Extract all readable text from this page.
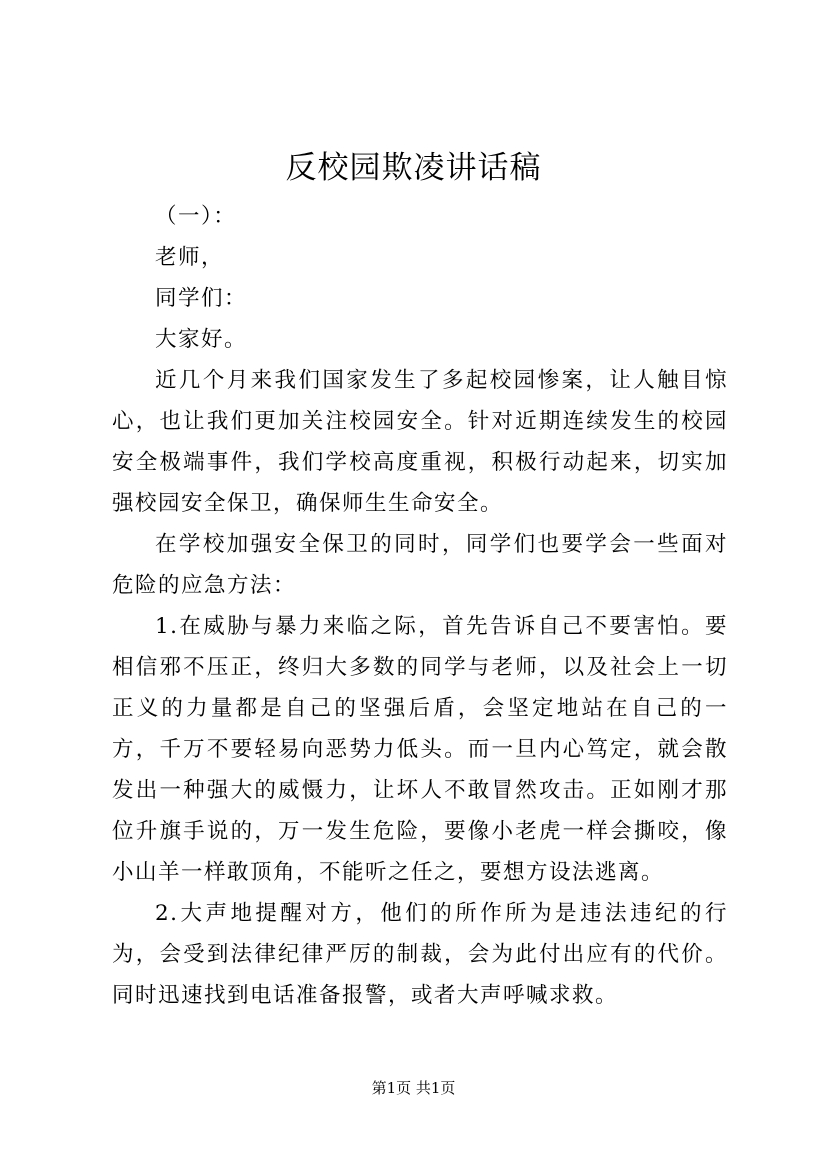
反校园欺凌讲话稿

（一）：

老师，

同学们：

大家好。

近几个月来我们国家发生了多起校园惨案，让人触目惊心，也让我们更加关注校园安全。针对近期连续发生的校园安全极端事件，我们学校高度重视，积极行动起来，切实加强校园安全保卫，确保师生生命安全。

在学校加强安全保卫的同时，同学们也要学会一些面对危险的应急方法：

1.在威胁与暴力来临之际，首先告诉自己不要害怕。要相信邪不压正，终归大多数的同学与老师，以及社会上一切正义的力量都是自己的坚强后盾，会坚定地站在自己的一方，千万不要轻易向恶势力低头。而一旦内心笃定，就会散发出一种强大的威慑力，让坏人不敢冒然攻击。正如刚才那位升旗手说的，万一发生危险，要像小老虎一样会撕咬，像小山羊一样敢顶角，不能听之任之，要想方设法逃离。

2.大声地提醒对方，他们的所作所为是违法违纪的行为，会受到法律纪律严厉的制裁，会为此付出应有的代价。同时迅速找到电话准备报警，或者大声呼喊求救。

第1页 共1页
